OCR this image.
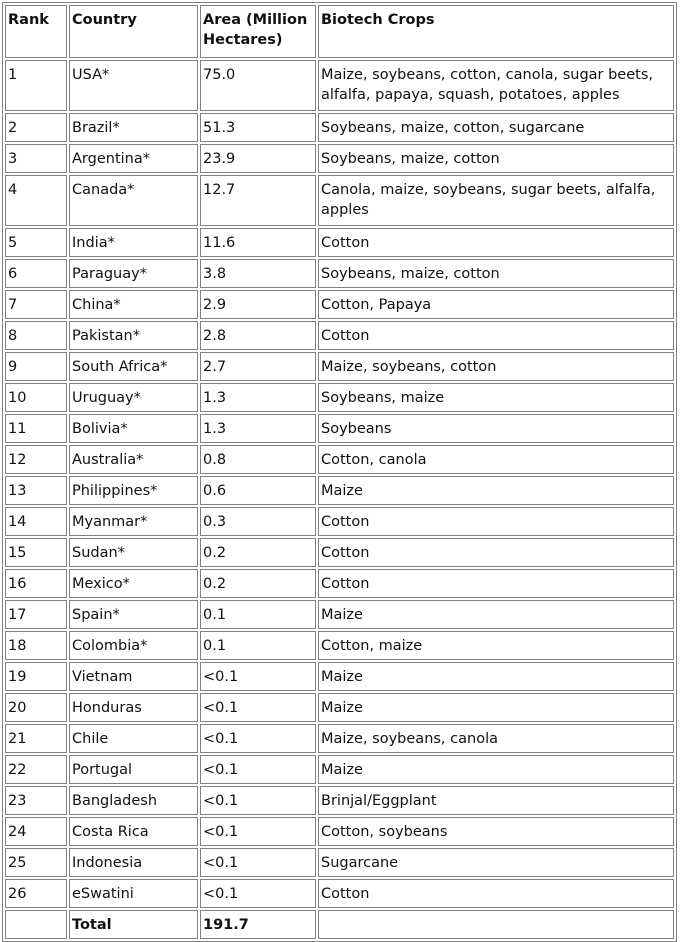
Rank	Country	Area (Million Hectares)	Biotech Crops
1	USA*	75.0	Maize, soybeans, cotton, canola, sugar beets, alfalfa, papaya, squash, potatoes, apples
2	Brazil*	51.3	Soybeans, maize, cotton, sugarcane
3	Argentina*	23.9	Soybeans, maize, cotton
4	Canada*	12.7	Canola, maize, soybeans, sugar beets, alfalfa, apples
5	India*	11.6	Cotton
6	Paraguay*	3.8	Soybeans, maize, cotton
7	China*	2.9	Cotton, Papaya
8	Pakistan*	2.8	Cotton
9	South Africa*	2.7	Maize, soybeans, cotton
10	Uruguay*	1.3	Soybeans, maize
11	Bolivia*	1.3	Soybeans
12	Australia*	0.8	Cotton, canola
13	Philippines*	0.6	Maize
14	Myanmar*	0.3	Cotton
15	Sudan*	0.2	Cotton
16	Mexico*	0.2	Cotton
17	Spain*	0.1	Maize
18	Colombia*	0.1	Cotton, maize
19	Vietnam	<0.1	Maize
20	Honduras	<0.1	Maize
21	Chile	<0.1	Maize, soybeans, canola
22	Portugal	<0.1	Maize
23	Bangladesh	<0.1	Brinjal/Eggplant
24	Costa Rica	<0.1	Cotton, soybeans
25	Indonesia	<0.1	Sugarcane
26	eSwatini	<0.1	Cotton
	Total	191.7	
